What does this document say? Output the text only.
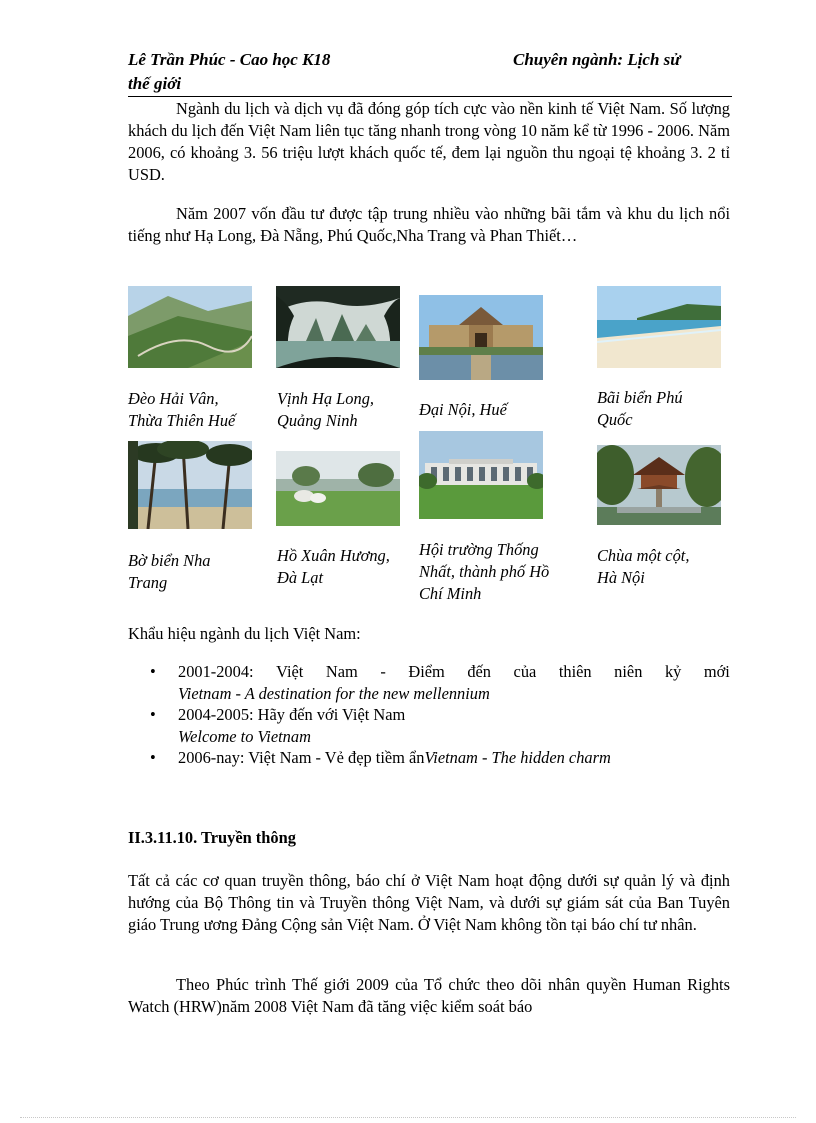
Lê Trần Phúc - Cao học K18	Chuyên ngành: Lịch sử
thế giới

Ngành du lịch và dịch vụ đã đóng góp tích cực vào nền kinh tế Việt Nam. Số lượng khách du lịch đến Việt Nam liên tục tăng nhanh trong vòng 10 năm kể từ 1996 - 2006. Năm 2006, có khoảng 3. 56 triệu lượt khách quốc tế, đem lại nguồn thu ngoại tệ khoảng 3. 2 tỉ USD.

Năm 2007 vốn đầu tư được tập trung nhiều vào những bãi tắm và khu du lịch nổi tiếng như Hạ Long, Đà Nẵng, Phú Quốc,Nha Trang và Phan Thiết…

Đèo Hải Vân,
Thừa Thiên Huế
Vịnh Hạ Long,
Quảng Ninh
Đại Nội, Huế
Bãi biển Phú
Quốc
Bờ biển Nha
Trang
Hồ Xuân Hương,
Đà Lạt
Hội trường Thống
Nhất, thành phố Hồ
Chí Minh
Chùa một cột,
Hà Nội
Khẩu hiệu ngành du lịch Việt Nam:
• 2001-2004: Việt Nam - Điểm đến của thiên niên kỷ mới
Vietnam - A destination for the new mellennium
• 2004-2005: Hãy đến với Việt Nam
Welcome to Vietnam
• 2006-nay: Việt Nam - Vẻ đẹp tiềm ẩnVietnam - The hidden charm
II.3.11.10. Truyền thông

Tất cả các cơ quan truyền thông, báo chí ở Việt Nam hoạt động dưới sự quản lý và định hướng của Bộ Thông tin và Truyền thông Việt Nam, và dưới sự giám sát của Ban Tuyên giáo Trung ương Đảng Cộng sản Việt Nam. Ở Việt Nam không tồn tại báo chí tư nhân.

Theo Phúc trình Thế giới 2009 của Tổ chức theo dõi nhân quyền Human Rights Watch (HRW)năm 2008 Việt Nam đã tăng việc kiểm soát báo
